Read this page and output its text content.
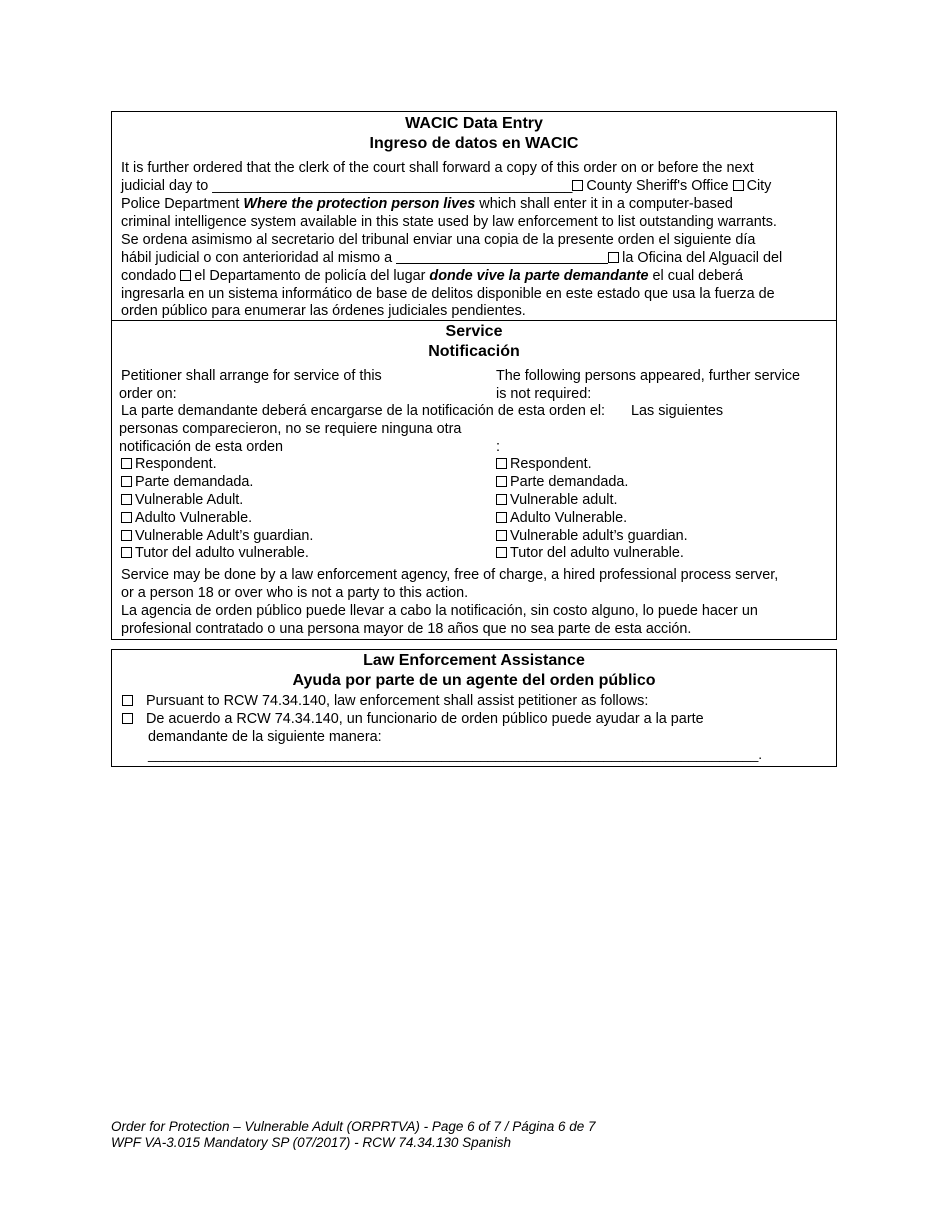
WACIC Data Entry
Ingreso de datos en WACIC
It is further ordered that the clerk of the court shall forward a copy of this order on or before the next
judicial day to _____________________________________________ County Sheriff's Office City
Police Department Where the protection person lives which shall enter it in a computer-based
criminal intelligence system available in this state used by law enforcement to list outstanding warrants.
Se ordena asimismo al secretario del tribunal enviar una copia de la presente orden el siguiente día
hábil judicial o con anterioridad al mismo a	la Oficina del Alguacil del
condado el Departamento de policía del lugar donde vive la parte demandante el cual deberá
ingresarla en un sistema informático de base de delitos disponible en este estado que usa la fuerza de
orden público para enumerar las órdenes judiciales pendientes.
Service
Notificación
Petitioner shall arrange for service of this
order on:
The following persons appeared, further service
is not required:
La parte demandante deberá encargarse de la notificación de esta orden el: Las siguientes
personas comparecieron, no se requiere ninguna otra
notificación de esta orden	:
Respondent.
Parte demandada.
Vulnerable Adult.
Adulto Vulnerable.
Vulnerable Adult’s guardian.
Tutor del adulto vulnerable.
Respondent.
Parte demandada.
Vulnerable adult.
Adulto Vulnerable.
Vulnerable adult’s guardian.
Tutor del adulto vulnerable.
Service may be done by a law enforcement agency, free of charge, a hired professional process server,
or a person 18 or over who is not a party to this action.
La agencia de orden público puede llevar a cabo la notificación, sin costo alguno, lo puede hacer un
profesional contratado o una persona mayor de 18 años que no sea parte de esta acción.
Law Enforcement Assistance
Ayuda por parte de un agente del orden público
Pursuant to RCW 74.34.140, law enforcement shall assist petitioner as follows:
De acuerdo a RCW 74.34.140, un funcionario de orden público puede ayudar a la parte
demandante de la siguiente manera:
_______________________________________________________________________________.
Order for Protection – Vulnerable Adult (ORPRTVA) - Page 6 of 7 / Página 6 de 7
WPF VA-3.015 Mandatory SP (07/2017) - RCW 74.34.130 Spanish
